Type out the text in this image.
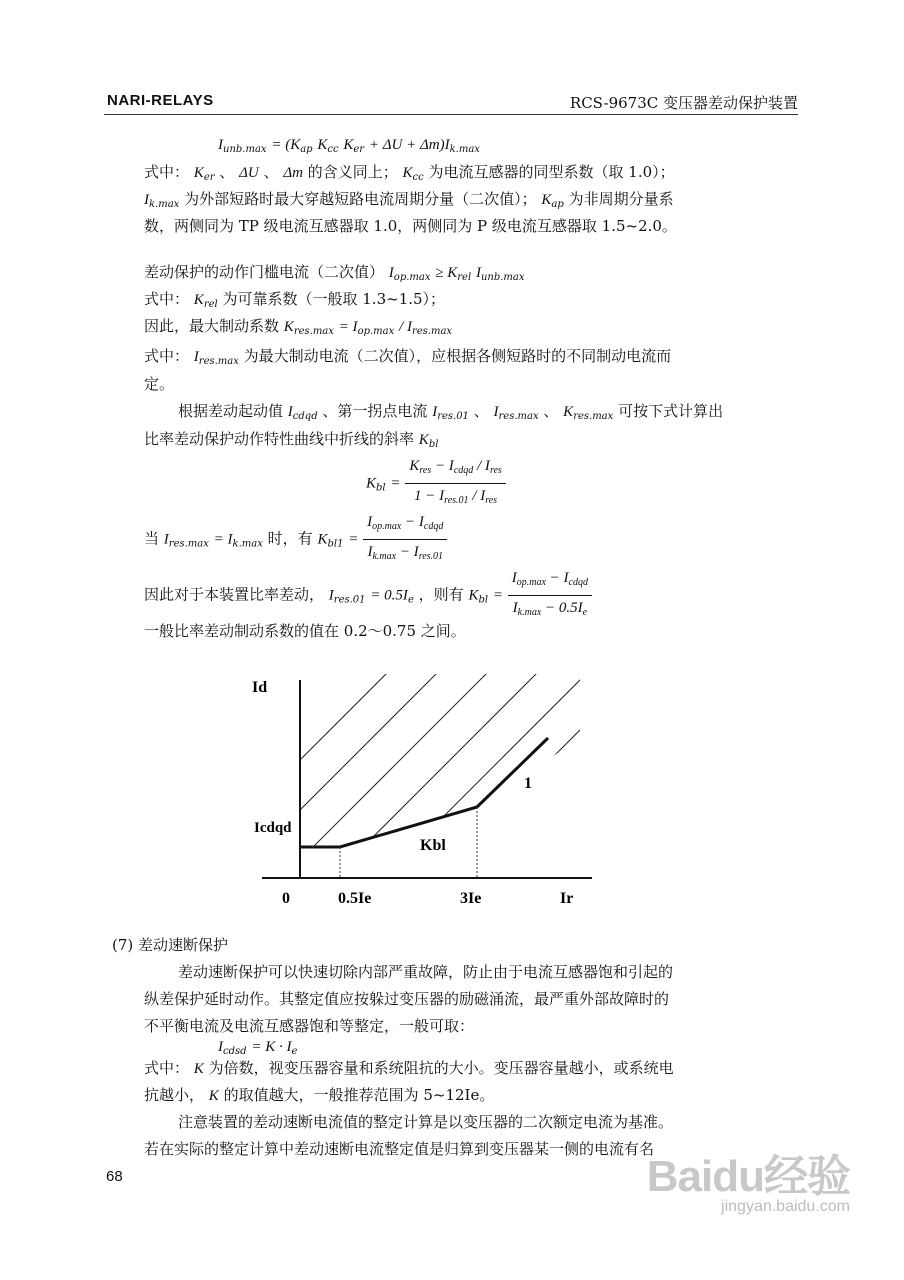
NARI-RELAYS	RCS-9673C 变压器差动保护装置
$I_{unb.max} = (K_{ap}$ $K_{cc}$ $K_{er} + \Delta U + \Delta m)I_{k.max}$
式中： $K_{er}$ 、 ΔU 、 Δm 的含义同上； $K_{cc}$ 为电流互感器的同型系数（取 1.0）；
$I_{k.max}$ 为外部短路时最大穿越短路电流周期分量（二次值）； $K_{ap}$ 为非周期分量系
数，两侧同为 TP 级电流互感器取 1.0，两侧同为 P 级电流互感器取 1.5~2.0。
差动保护的动作门槛电流（二次值） $I_{op.max} \ge K_{rel}$ $I_{unb.max}$
式中： $K_{rel}$ 为可靠系数（一般取 1.3~1.5）；
因此，最大制动系数 $K_{res.max} = I_{op.max} / I_{res.max}$
式中： $I_{res.max}$ 为最大制动电流（二次值），应根据各侧短路时的不同制动电流而
定。
根据差动起动值 $I_{cdqd}$ 、第一拐点电流 $I_{res.01}$ 、 $I_{res.max}$ 、 $K_{res.max}$ 可按下式计算出
比率差动保护动作特性曲线中折线的斜率 $K_{bl}$
$K_{bl} = \frac{K_{res} - I_{cdqd} / I_{res}}{1 - I_{res.01} / I_{res}}$
当 $I_{res.max} = I_{k.max}$ 时，有 $K_{bl1} = \frac{I_{op.max} - I_{cdqd}}{I_{k.max} - I_{res.01}}$
因此对于本装置比率差动， $I_{res.01} = 0.5I_e$ ，则有 $K_{bl} = \frac{I_{op.max} - I_{cdqd}}{I_{k.max} - 0.5I_e}$
一般比率差动制动系数的值在 0.2～0.75 之间。
Id
Ir
0
Icdqd
0.5Ie	3Ie
Kbl
1
(7) 差动速断保护
差动速断保护可以快速切除内部严重故障，防止由于电流互感器饱和引起的
纵差保护延时动作。其整定值应按躲过变压器的励磁涌流，最严重外部故障时的
不平衡电流及电流互感器饱和等整定，一般可取：
$I_{cdsd} = K \cdot I_e$
式中： K 为倍数，视变压器容量和系统阻抗的大小。变压器容量越小，或系统电
抗越小， K 的取值越大，一般推荐范围为 5~12Ie。
注意装置的差动速断电流值的整定计算是以变压器的二次额定电流为基准。
若在实际的整定计算中差动速断电流整定值是归算到变压器某一侧的电流有名
68	Baidu经验
jingyan.baidu.com
